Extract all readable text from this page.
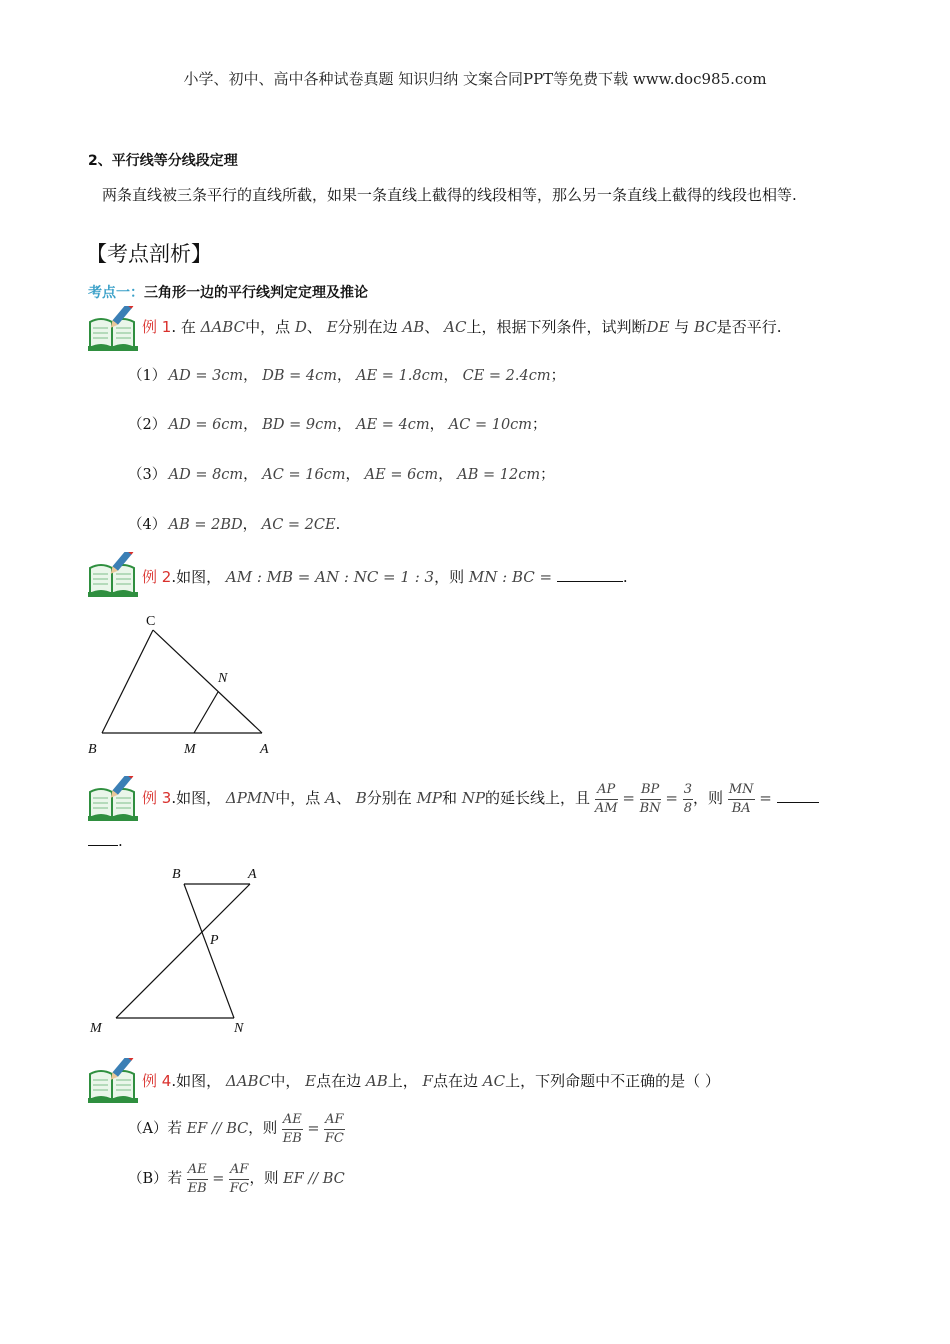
小学、初中、高中各种试卷真题 知识归纳 文案合同PPT等免费下载 www.doc985.com
2、平行线等分线段定理
两条直线被三条平行的直线所截，如果一条直线上截得的线段相等，那么另一条直线上截得的线段也相等.
【考点剖析】
考点一：三角形一边的平行线判定定理及推论
例 1. 在 ΔABC中，点 D、 E分别在边 AB、 AC上，根据下列条件，试判断DE 与 BC是否平行.
（1） AD = 3cm， DB = 4cm， AE = 1.8cm， CE = 2.4cm；
（2） AD = 6cm， BD = 9cm， AE = 4cm， AC = 10cm；
（3） AD = 8cm， AC = 16cm， AE = 6cm， AB = 12cm；
（4） AB = 2BD， AC = 2CE.
例 2.如图， AM : MB = AN : NC = 1 : 3，则 MN : BC =	.
C
N
B	M	A
例 3.如图， ΔPMN中，点 A、 B分别在 MP和 NP的延长线上，且 $\frac{AP}{AM} = \frac{BP}{BN} = \frac{3}{8}$ ，则 $\frac{MN}{BA}$ =
.
B	A
P
M	N
例 4.如图， ΔABC中， E点在边 AB上， F点在边 AC上，下列命题中不正确的是（ ）
（A）若 EF // BC，则 $\frac{AE}{EB} = \frac{AF}{FC}$
（B）若 $\frac{AE}{EB} = \frac{AF}{FC}$ ，则 EF // BC
